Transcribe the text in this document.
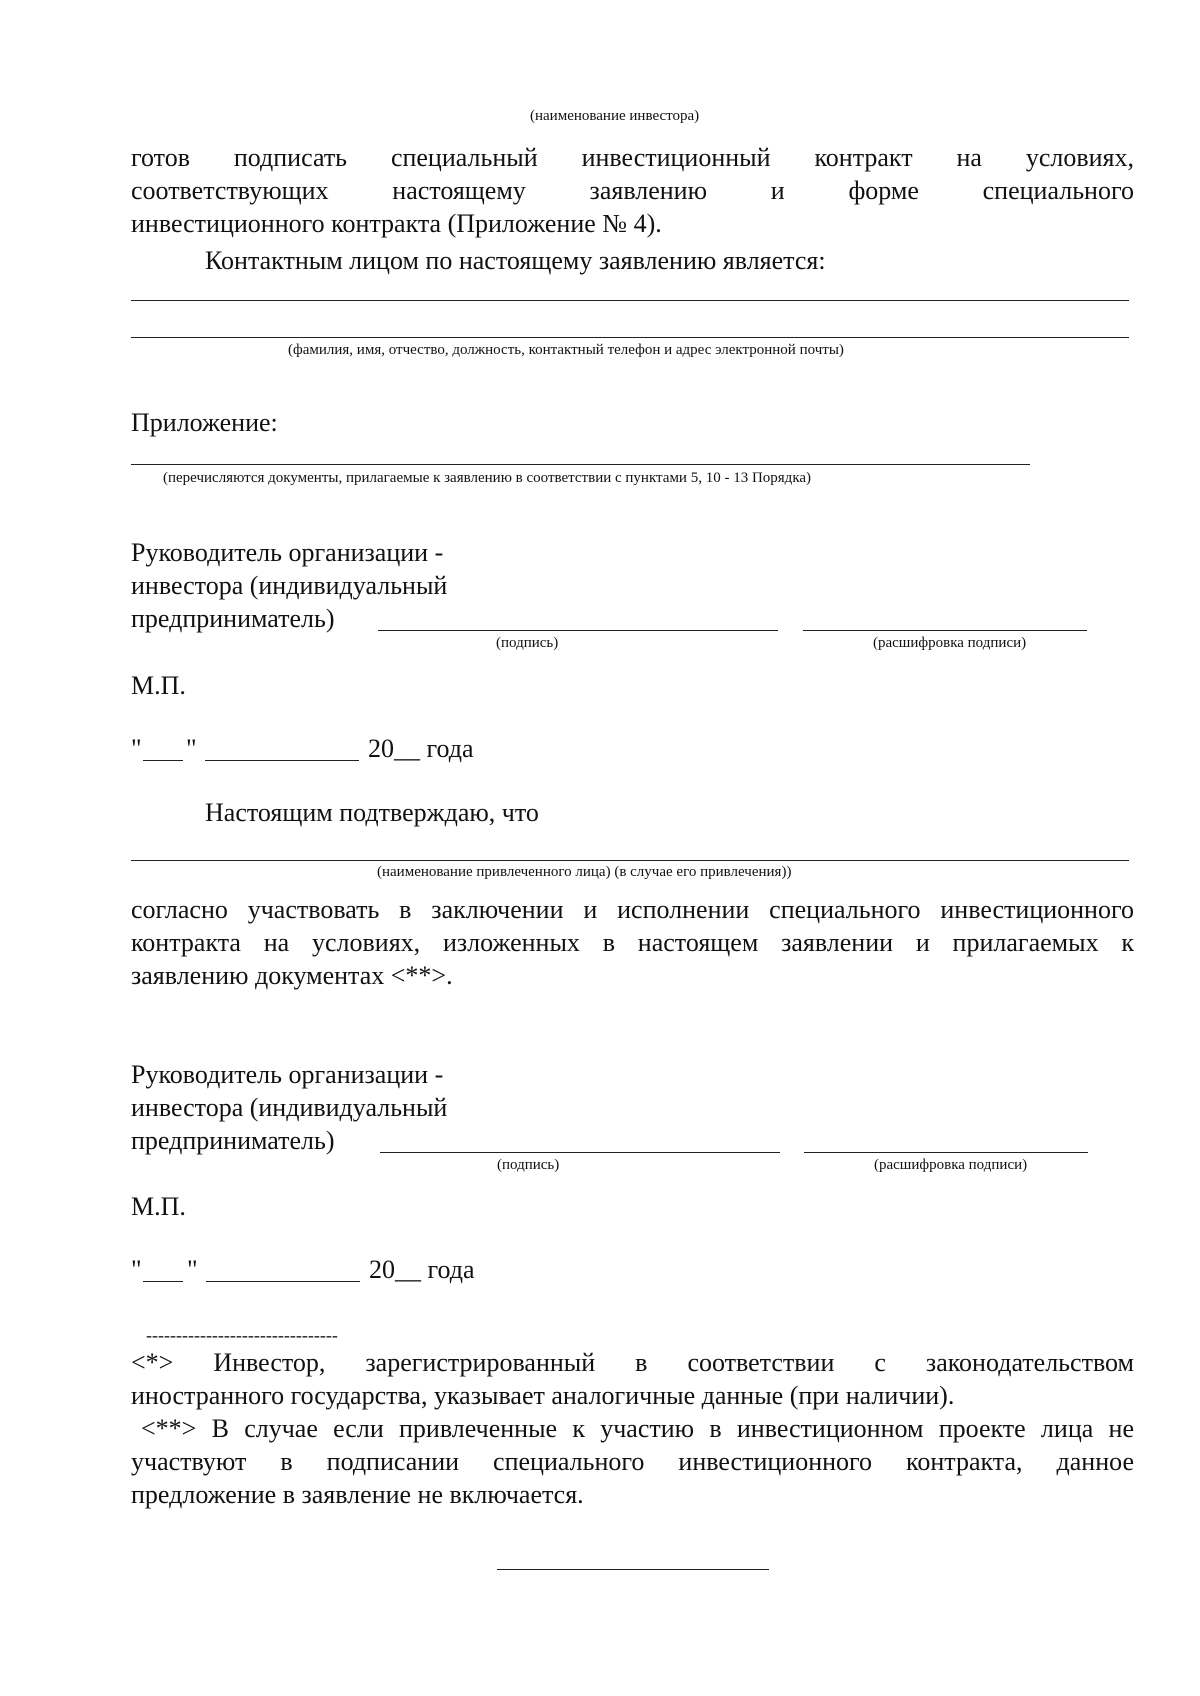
(наименование инвестора)
готов подписать специальный инвестиционный контракт на условиях,
соответствующих настоящему заявлению и форме специального
инвестиционного контракта (Приложение № 4).
Контактным лицом по настоящему заявлению является:
(фамилия, имя, отчество, должность, контактный телефон и адрес электронной почты)
Приложение:
(перечисляются документы, прилагаемые к заявлению в соответствии с пунктами 5, 10 - 13 Порядка)
Руководитель организации -
инвестора (индивидуальный
предприниматель)
(подпись)	(расшифровка подписи)
М.П.
" "	20__ года
Настоящим подтверждаю, что
(наименование привлеченного лица) (в случае его привлечения))
согласно участвовать в заключении и исполнении специального инвестиционного
контракта на условиях, изложенных в настоящем заявлении и прилагаемых к
заявлению документах <**>.
Руководитель организации -
инвестора (индивидуальный
предприниматель)
(подпись)	(расшифровка подписи)
М.П.
" "	20__ года
--------------------------------
<*> Инвестор, зарегистрированный в соответствии с законодательством
иностранного государства, указывает аналогичные данные (при наличии).
<**> В случае если привлеченные к участию в инвестиционном проекте лица не
участвуют в подписании специального инвестиционного контракта, данное
предложение в заявление не включается.
